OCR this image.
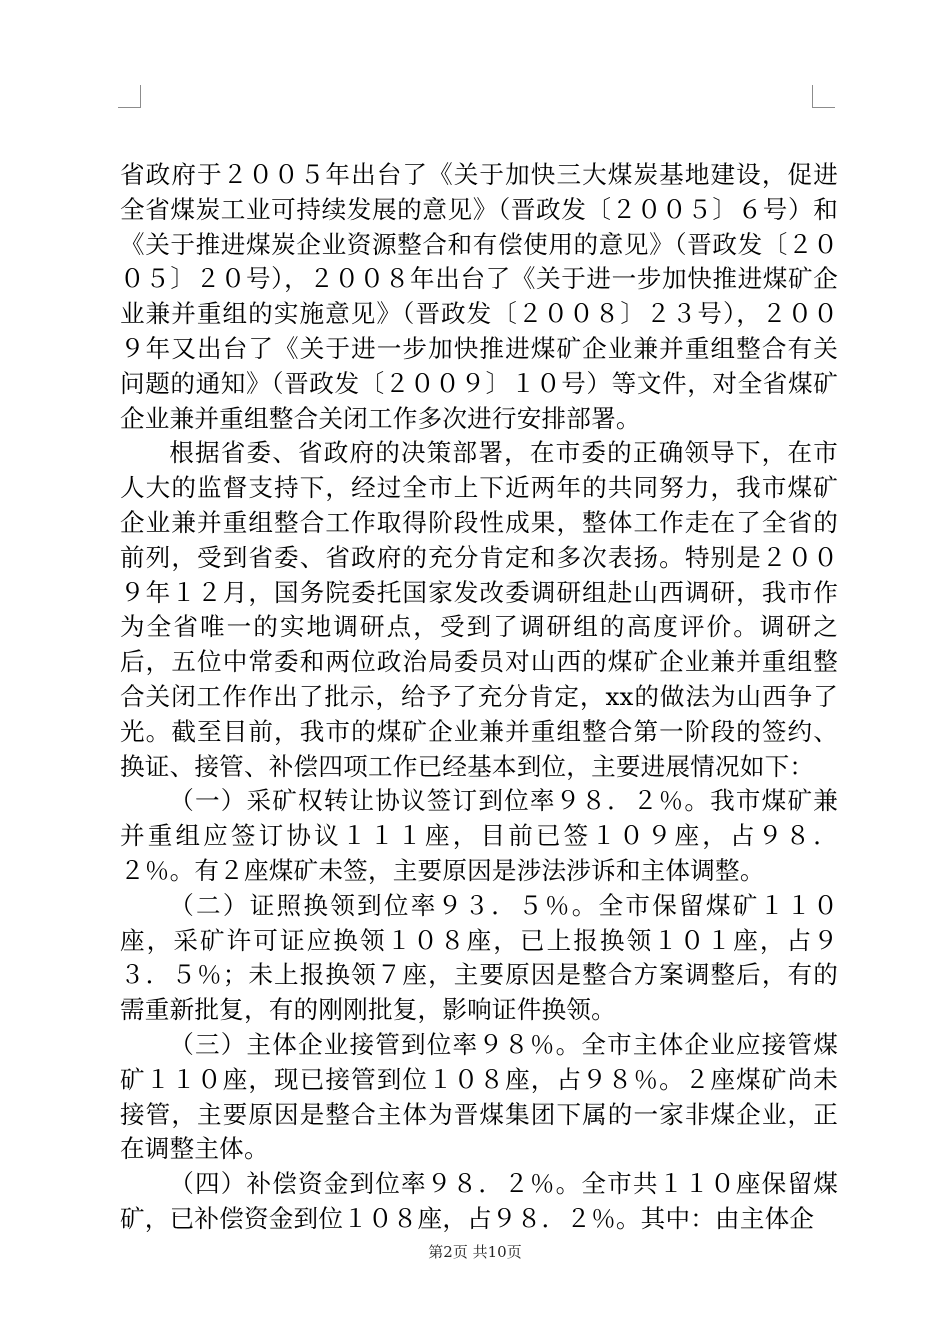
省政府于２００５年出台了《关于加快三大煤炭基地建设，促进全省煤炭工业可持续发展的意见》（晋政发〔２００５〕６号）和《关于推进煤炭企业资源整合和有偿使用的意见》（晋政发〔２００５〕２０号），２００８年出台了《关于进一步加快推进煤矿企业兼并重组的实施意见》（晋政发〔２００８〕２３号），２００９年又出台了《关于进一步加快推进煤矿企业兼并重组整合有关问题的通知》（晋政发〔２００９〕１０号）等文件，对全省煤矿企业兼并重组整合关闭工作多次进行安排部署。

根据省委、省政府的决策部署，在市委的正确领导下，在市人大的监督支持下，经过全市上下近两年的共同努力，我市煤矿企业兼并重组整合工作取得阶段性成果，整体工作走在了全省的前列，受到省委、省政府的充分肯定和多次表扬。特别是２００９年１２月，国务院委托国家发改委调研组赴山西调研，我市作为全省唯一的实地调研点，受到了调研组的高度评价。调研之后，五位中常委和两位政治局委员对山西的煤矿企业兼并重组整合关闭工作作出了批示，给予了充分肯定，xx的做法为山西争了光。截至目前，我市的煤矿企业兼并重组整合第一阶段的签约、换证、接管、补偿四项工作已经基本到位，主要进展情况如下：

（一）采矿权转让协议签订到位率９８．２％。我市煤矿兼并重组应签订协议１１１座，目前已签１０９座，占９８．２％。有２座煤矿未签，主要原因是涉法涉诉和主体调整。

（二）证照换领到位率９３．５％。全市保留煤矿１１０座，采矿许可证应换领１０８座，已上报换领１０１座，占９３．５％；未上报换领７座，主要原因是整合方案调整后，有的需重新批复，有的刚刚批复，影响证件换领。

（三）主体企业接管到位率９８％。全市主体企业应接管煤矿１１０座，现已接管到位１０８座，占９８％。２座煤矿尚未接管，主要原因是整合主体为晋煤集团下属的一家非煤企业，正在调整主体。

（四）补偿资金到位率９８．２％。全市共１１０座保留煤矿，已补偿资金到位１０８座，占９８．２％。其中：由主体企

第2页 共10页
